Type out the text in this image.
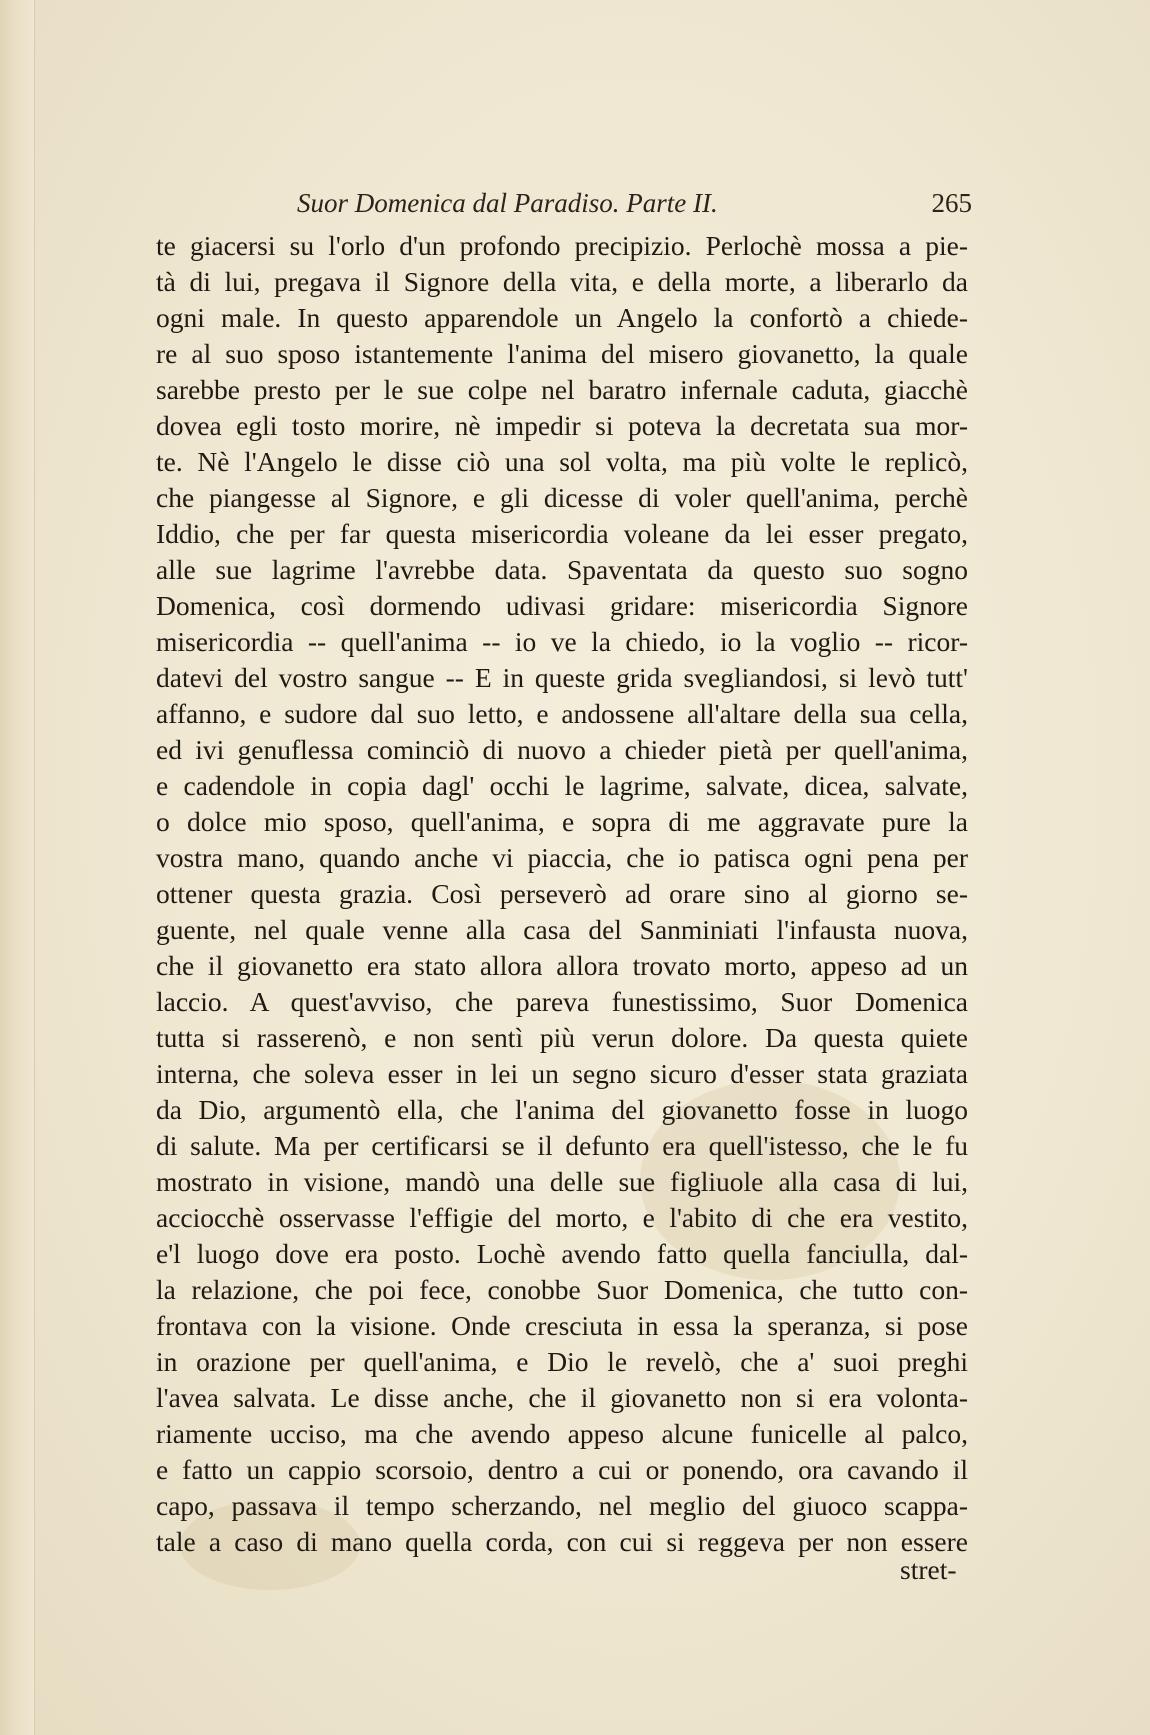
Suor Domenica dal Paradiso. Parte II.	265
te giacersi su l'orlo d'un profondo precipizio. Perlochè mossa a pie-
tà di lui, pregava il Signore della vita, e della morte, a liberarlo da
ogni male. In questo apparendole un Angelo la confortò a chiede-
re al suo sposo istantemente l'anima del misero giovanetto, la quale
sarebbe presto per le sue colpe nel baratro infernale caduta, giacchè
dovea egli tosto morire, nè impedir si poteva la decretata sua mor-
te. Nè l'Angelo le disse ciò una sol volta, ma più volte le replicò,
che piangesse al Signore, e gli dicesse di voler quell'anima, perchè
Iddio, che per far questa misericordia voleane da lei esser pregato,
alle sue lagrime l'avrebbe data. Spaventata da questo suo sogno
Domenica, così dormendo udivasi gridare: misericordia Signore
misericordia -- quell'anima -- io ve la chiedo, io la voglio -- ricor-
datevi del vostro sangue -- E in queste grida svegliandosi, si levò tutt'
affanno, e sudore dal suo letto, e andossene all'altare della sua cella,
ed ivi genuflessa cominciò di nuovo a chieder pietà per quell'anima,
e cadendole in copia dagl' occhi le lagrime, salvate, dicea, salvate,
o dolce mio sposo, quell'anima, e sopra di me aggravate pure la
vostra mano, quando anche vi piaccia, che io patisca ogni pena per
ottener questa grazia. Così perseverò ad orare sino al giorno se-
guente, nel quale venne alla casa del Sanminiati l'infausta nuova,
che il giovanetto era stato allora allora trovato morto, appeso ad un
laccio. A quest'avviso, che pareva funestissimo, Suor Domenica
tutta si rasserenò, e non sentì più verun dolore. Da questa quiete
interna, che soleva esser in lei un segno sicuro d'esser stata graziata
da Dio, argumentò ella, che l'anima del giovanetto fosse in luogo
di salute. Ma per certificarsi se il defunto era quell'istesso, che le fu
mostrato in visione, mandò una delle sue figliuole alla casa di lui,
acciocchè osservasse l'effigie del morto, e l'abito di che era vestito,
e'l luogo dove era posto. Lochè avendo fatto quella fanciulla, dal-
la relazione, che poi fece, conobbe Suor Domenica, che tutto con-
frontava con la visione. Onde cresciuta in essa la speranza, si pose
in orazione per quell'anima, e Dio le revelò, che a' suoi preghi
l'avea salvata. Le disse anche, che il giovanetto non si era volonta-
riamente ucciso, ma che avendo appeso alcune funicelle al palco,
e fatto un cappio scorsoio, dentro a cui or ponendo, ora cavando il
capo, passava il tempo scherzando, nel meglio del giuoco scappa-
tale a caso di mano quella corda, con cui si reggeva per non essere
stret-
